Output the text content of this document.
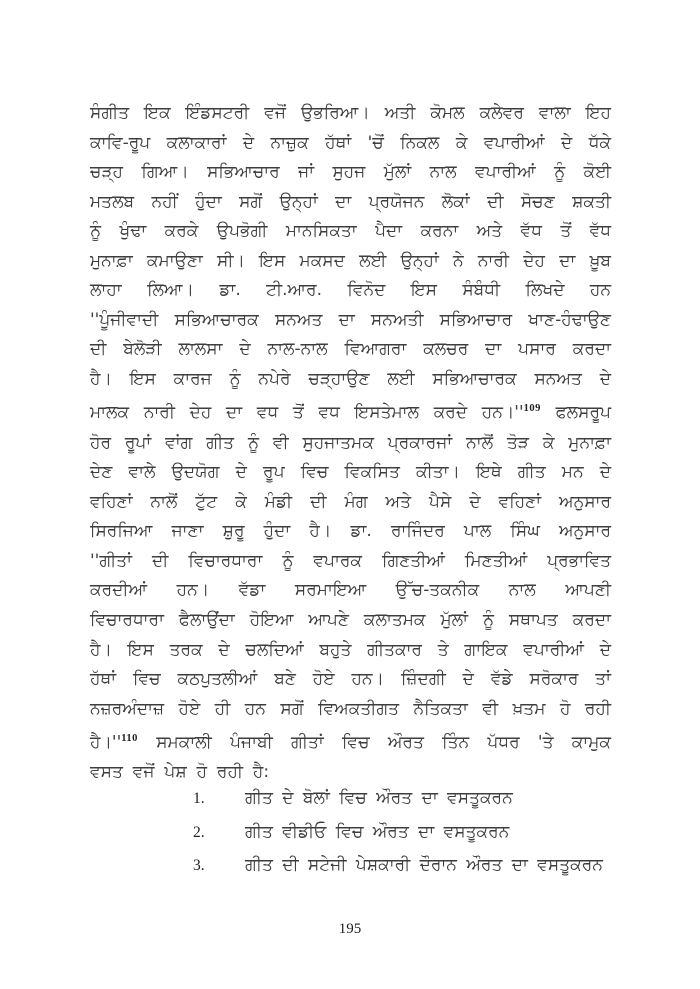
ਸੰਗੀਤ ਇਕ ਇੰਡਸਟਰੀ ਵਜੋਂ ਉਭਰਿਆ। ਅਤੀ ਕੋਮਲ ਕਲੇਵਰ ਵਾਲਾ ਇਹ
ਕਾਵਿ-ਰੂਪ ਕਲਾਕਾਰਾਂ ਦੇ ਨਾਜ਼ੁਕ ਹੱਥਾਂ 'ਚੋਂ ਨਿਕਲ ਕੇ ਵਪਾਰੀਆਂ ਦੇ ਧੱਕੇ
ਚੜ੍ਹ ਗਿਆ। ਸਭਿਆਚਾਰ ਜਾਂ ਸੁਹਜ ਮੁੱਲਾਂ ਨਾਲ ਵਪਾਰੀਆਂ ਨੂੰ ਕੋਈ
ਮਤਲਬ ਨਹੀਂ ਹੁੰਦਾ ਸਗੋਂ ਉਨ੍ਹਾਂ ਦਾ ਪ੍ਰਯੋਜਨ ਲੋਕਾਂ ਦੀ ਸੋਚਣ ਸ਼ਕਤੀ
ਨੂੰ ਖੁੰਢਾ ਕਰਕੇ ਉਪਭੋਗੀ ਮਾਨਸਿਕਤਾ ਪੈਦਾ ਕਰਨਾ ਅਤੇ ਵੱਧ ਤੋਂ ਵੱਧ
ਮੁਨਾਫ਼ਾ ਕਮਾਉਣਾ ਸੀ। ਇਸ ਮਕਸਦ ਲਈ ਉਨ੍ਹਾਂ ਨੇ ਨਾਰੀ ਦੇਹ ਦਾ ਖ਼ੂਬ
ਲਾਹਾ ਲਿਆ। ਡਾ. ਟੀ.ਆਰ. ਵਿਨੋਦ ਇਸ ਸੰਬੰਧੀ ਲਿਖਦੇ ਹਨ
''ਪੂੰਜੀਵਾਦੀ ਸਭਿਆਚਾਰਕ ਸਨਅਤ ਦਾ ਸਨਅਤੀ ਸਭਿਆਚਾਰ ਖਾਣ-ਹੰਢਾਉਣ
ਦੀ ਬੇਲੋੜੀ ਲਾਲਸਾ ਦੇ ਨਾਲ-ਨਾਲ ਵਿਆਗਰਾ ਕਲਚਰ ਦਾ ਪਸਾਰ ਕਰਦਾ
ਹੈ। ਇਸ ਕਾਰਜ ਨੂੰ ਨਪੇਰੇ ਚੜ੍ਹਾਉਣ ਲਈ ਸਭਿਆਚਾਰਕ ਸਨਅਤ ਦੇ
ਮਾਲਕ ਨਾਰੀ ਦੇਹ ਦਾ ਵਧ ਤੋਂ ਵਧ ਇਸਤੇਮਾਲ ਕਰਦੇ $ਹਨ।''^{109}$ ਫਲਸਰੂਪ
ਹੋਰ ਰੂਪਾਂ ਵਾਂਗ ਗੀਤ ਨੂੰ ਵੀ ਸੁਹਜਾਤਮਕ ਪ੍ਰਕਾਰਜਾਂ ਨਾਲੋਂ ਤੋੜ ਕੇ ਮੁਨਾਫ਼ਾ
ਦੇਣ ਵਾਲੇ ਉਦਯੋਗ ਦੇ ਰੂਪ ਵਿਚ ਵਿਕਸਿਤ ਕੀਤਾ। ਇਥੇ ਗੀਤ ਮਨ ਦੇ
ਵਹਿਣਾਂ ਨਾਲੋਂ ਟੁੱਟ ਕੇ ਮੰਡੀ ਦੀ ਮੰਗ ਅਤੇ ਪੈਸੇ ਦੇ ਵਹਿਣਾਂ ਅਨੁਸਾਰ
ਸਿਰਜਿਆ ਜਾਣਾ ਸ਼ੁਰੂ ਹੁੰਦਾ ਹੈ। ਡਾ. ਰਾਜਿੰਦਰ ਪਾਲ ਸਿੰਘ ਅਨੁਸਾਰ
''ਗੀਤਾਂ ਦੀ ਵਿਚਾਰਧਾਰਾ ਨੂੰ ਵਪਾਰਕ ਗਿਣਤੀਆਂ ਮਿਣਤੀਆਂ ਪ੍ਰਭਾਵਿਤ
ਕਰਦੀਆਂ ਹਨ। ਵੱਡਾ ਸਰਮਾਇਆ ਉੱਚ-ਤਕਨੀਕ ਨਾਲ ਆਪਣੀ
ਵਿਚਾਰਧਾਰਾ ਫੈਲਾਉਂਦਾ ਹੋਇਆ ਆਪਣੇ ਕਲਾਤਮਕ ਮੁੱਲਾਂ ਨੂੰ ਸਥਾਪਤ ਕਰਦਾ
ਹੈ। ਇਸ ਤਰਕ ਦੇ ਚਲਦਿਆਂ ਬਹੁਤੇ ਗੀਤਕਾਰ ਤੇ ਗਾਇਕ ਵਪਾਰੀਆਂ ਦੇ
ਹੱਥਾਂ ਵਿਚ ਕਠਪੁਤਲੀਆਂ ਬਣੇ ਹੋਏ ਹਨ। ਜ਼ਿੰਦਗੀ ਦੇ ਵੱਡੇ ਸਰੋਕਾਰ ਤਾਂ
ਨਜ਼ਰਅੰਦਾਜ਼ ਹੋਏ ਹੀ ਹਨ ਸਗੋਂ ਵਿਅਕਤੀਗਤ ਨੈਤਿਕਤਾ ਵੀ ਖ਼ਤਮ ਹੋ ਰਹੀ
$ਹੈ।''^{110}$ ਸਮਕਾਲੀ ਪੰਜਾਬੀ ਗੀਤਾਂ ਵਿਚ ਔਰਤ ਤਿੰਨ ਪੱਧਰ 'ਤੇ ਕਾਮੁਕ
ਵਸਤ ਵਜੋਂ ਪੇਸ਼ ਹੋ ਰਹੀ ਹੈ:
1.	ਗੀਤ ਦੇ ਬੋਲਾਂ ਵਿਚ ਔਰਤ ਦਾ ਵਸਤੂਕਰਨ
2.	ਗੀਤ ਵੀਡੀਓ ਵਿਚ ਔਰਤ ਦਾ ਵਸਤੂਕਰਨ
3.	ਗੀਤ ਦੀ ਸਟੇਜੀ ਪੇਸ਼ਕਾਰੀ ਦੌਰਾਨ ਔਰਤ ਦਾ ਵਸਤੂਕਰਨ
195
